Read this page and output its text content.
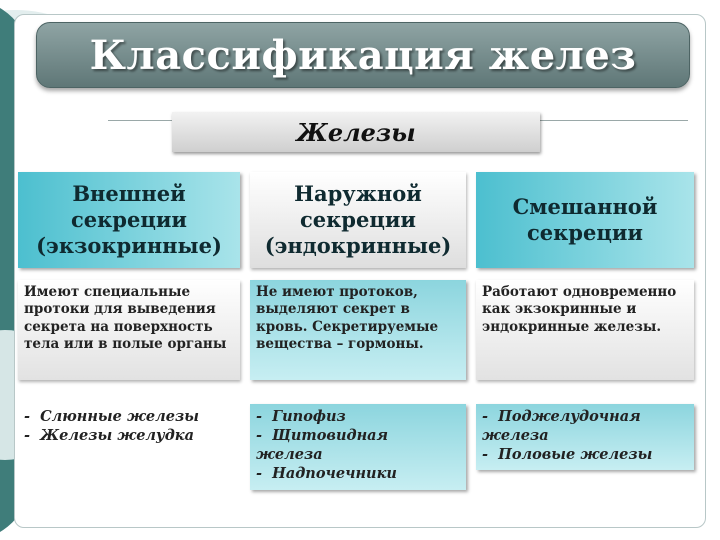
Классификация желез
Железы
Внешней секреции (экзокринные)
Наружной секреции (эндокринные)
Смешанной секреции
Имеют специальные протоки для выведения секрета на поверхность тела или в полые органы
Не имеют протоков, выделяют секрет в кровь. Секретируемые вещества – гормоны.
Работают одновременно как экзокринные и эндокринные железы.
-  Слюнные железы
-  Железы желудка
-  Гипофиз
-  Щитовидная
железа
-  Надпочечники
-  Поджелудочная
железа
-  Половые железы
